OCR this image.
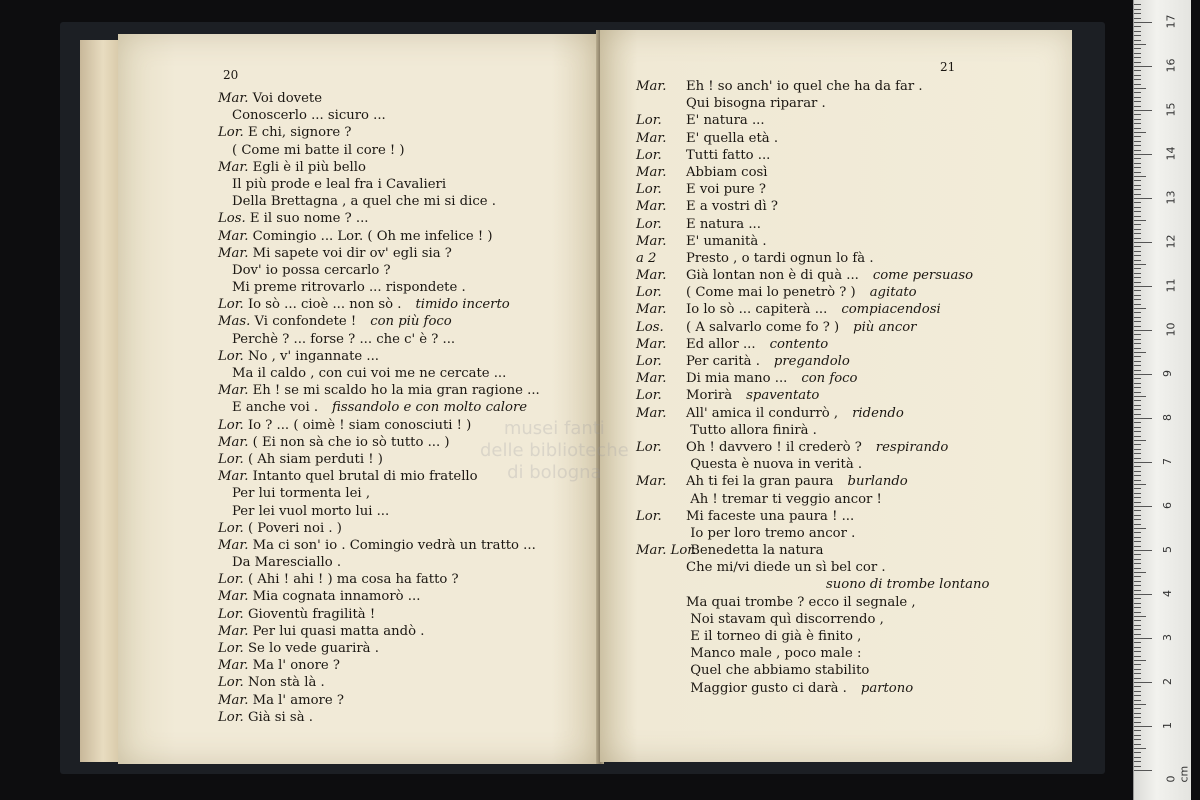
20
Mar. Voi dovete
Conoscerlo ... sicuro ...
Lor. E chi, signore ?
( Come mi batte il core ! )
Mar. Egli è il più bello
Il più prode e leal fra i Cavalieri
Della Brettagna , a quel che mi si dice .
Los. E il suo nome ? ...
Mar. Comingio ... Lor. ( Oh me infelice ! )
Mar. Mi sapete voi dir ov' egli sia ?
Dov' io possa cercarlo ?
Mi preme ritrovarlo ... rispondete .
Lor. Io sò ... cioè ... non sò . timido incerto
Mas. Vi confondete ! con più foco
Perchè ? ... forse ? ... che c' è ? ...
Lor. No , v' ingannate ...
Ma il caldo , con cui voi me ne cercate ...
Mar. Eh ! se mi scaldo ho la mia gran ragione ...
E anche voi . fissandolo e con molto calore
Lor. Io ? ... ( oimè ! siam conosciuti ! )
Mar. ( Ei non sà che io sò tutto ... )
Lor. ( Ah siam perduti ! )
Mar. Intanto quel brutal di mio fratello
Per lui tormenta lei ,
Per lei vuol morto lui ...
Lor. ( Poveri noi . )
Mar. Ma ci son' io . Comingio vedrà un tratto ...
Da Maresciallo .
Lor. ( Ahi ! ahi ! ) ma cosa ha fatto ?
Mar. Mia cognata innamorò ...
Lor. Gioventù fragilità !
Mar. Per lui quasi matta andò .
Lor. Se lo vede guarirà .
Mar. Ma l' onore ?
Lor. Non stà là .
Mar. Ma l' amore ?
Lor. Già si sà .
21
Mar. Eh ! so anch' io quel che ha da far .
Qui bisogna riparar .
Lor. E' natura ...
Mar. E' quella età .
Lor. Tutti fatto ...
Mar. Abbiam così
Lor. E voi pure ?
Mar. E a vostri dì ?
Lor. E natura ...
Mar. E' umanità .
a 2 Presto , o tardi ognun lo fà .
Mar. Già lontan non è di quà ... come persuaso
Lor. ( Come mai lo penetrò ? ) agitato
Mar. Io lo sò ... capiterà ... compiacendosi
Los. ( A salvarlo come fo ? ) più ancor
Mar. Ed allor ... contento
Lor. Per carità . pregandolo
Mar. Di mia mano ... con foco
Lor. Morirà spaventato
Mar. All' amica il condurrò , ridendo
Tutto allora finirà .
Lor. Oh ! davvero ! il crederò ? respirando
Questa è nuova in verità .
Mar. Ah ti fei la gran paura burlando
Ah ! tremar ti veggio ancor !
Lor. Mi faceste una paura ! ...
Io per loro tremo ancor .
Mar. Lor. Benedetta la natura
Che mi/vi diede un sì bel cor .
suono di trombe lontano
Ma quai trombe ? ecco il segnale ,
Noi stavam quì discorrendo ,
E il torneo di già è finito ,
Manco male , poco male :
Quel che abbiamo stabilito
Maggior gusto ci darà . partono
musei fanti
delle biblioteche
di bologna
0 cm
1
2
3
4
5
6
7
8
9
10
11
12
13
14
15
16
17
